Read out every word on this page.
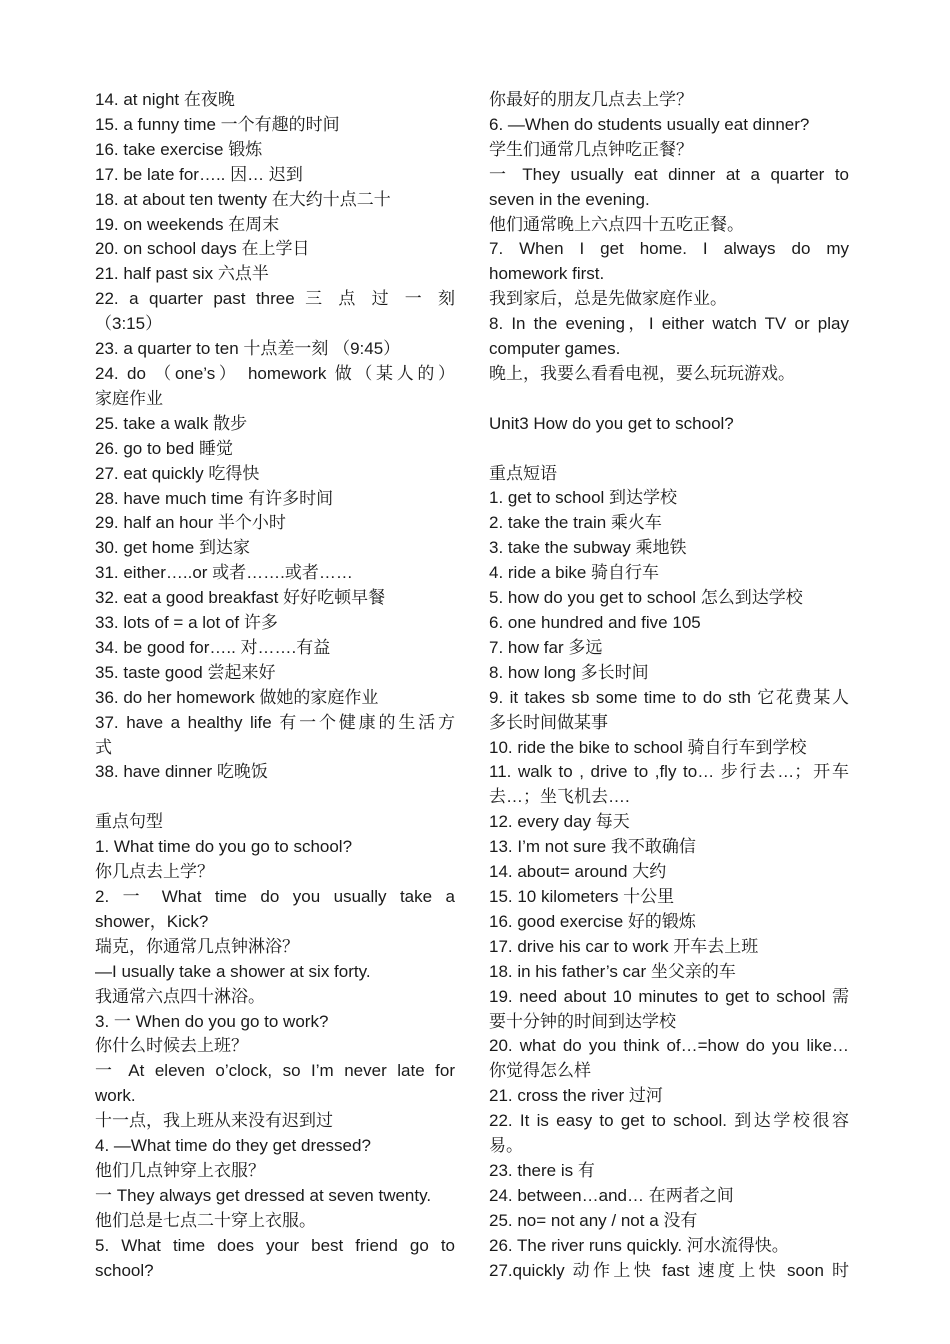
14. at night 在夜晚
15. a funny time 一个有趣的时间
16. take exercise 锻炼
17. be late for….. 因… 迟到
18. at about ten twenty 在大约十点二十
19. on weekends 在周末
20. on school days 在上学日
21. half past six 六点半
22. a quarter past three 三 点 过 一 刻
（3:15）
23. a quarter to ten 十点差一刻 （9:45）
24. do （one’s） homework 做（某人的）
家庭作业
25. take a walk 散步
26. go to bed 睡觉
27. eat quickly 吃得快
28. have much time 有许多时间
29. half an hour 半个小时
30. get home 到达家
31. either…..or 或者…….或者……
32. eat a good breakfast 好好吃顿早餐
33. lots of = a lot of 许多
34. be good for….. 对…….有益
35. taste good 尝起来好
36. do her homework 做她的家庭作业
37. have a healthy life 有一个健康的生活方
式
38. have dinner 吃晚饭
重点句型
1. What time do you go to school?
你几点去上学？
2. 一 What time do you usually take a
shower，Kick?
瑞克，你通常几点钟淋浴？
—I usually take a shower at six forty.
我通常六点四十淋浴。
3. 一 When do you go to work?
你什么时候去上班？
一 At eleven o’clock, so I’m never late for
work.
十一点，我上班从来没有迟到过
4. —What time do they get dressed?
他们几点钟穿上衣服？
一 They always get dressed at seven twenty.
他们总是七点二十穿上衣服。
5. What time does your best friend go to
school?
你最好的朋友几点去上学？
6. —When do students usually eat dinner?
学生们通常几点钟吃正餐？
一 They usually eat dinner at a quarter to
seven in the evening.
他们通常晚上六点四十五吃正餐。
7. When I get home. I always do my
homework first.
我到家后，总是先做家庭作业。
8. In the evening，I either watch TV or play
computer games.
晚上，我要么看看电视，要么玩玩游戏。
Unit3 How do you get to school?
重点短语
1. get to school 到达学校
2. take the train 乘火车
3. take the subway 乘地铁
4. ride a bike 骑自行车
5. how do you get to school 怎么到达学校
6. one hundred and five 105
7. how far 多远
8. how long 多长时间
9. it takes sb some time to do sth 它花费某人
多长时间做某事
10. ride the bike to school 骑自行车到学校
11. walk to , drive to ,fly to… 步行去…；开车
去…；坐飞机去….
12. every day 每天
13. I’m not sure 我不敢确信
14. about= around 大约
15. 10 kilometers 十公里
16. good exercise 好的锻炼
17. drive his car to work 开车去上班
18. in his father’s car 坐父亲的车
19. need about 10 minutes to get to school 需
要十分钟的时间到达学校
20. what do you think of…=how do you like…
你觉得怎么样
21. cross the river 过河
22. It is easy to get to school. 到达学校很容
易。
23. there is 有
24. between…and… 在两者之间
25. no= not any / not a 没有
26. The river runs quickly. 河水流得快。
27.quickly 动作上快 fast 速度上快 soon 时
